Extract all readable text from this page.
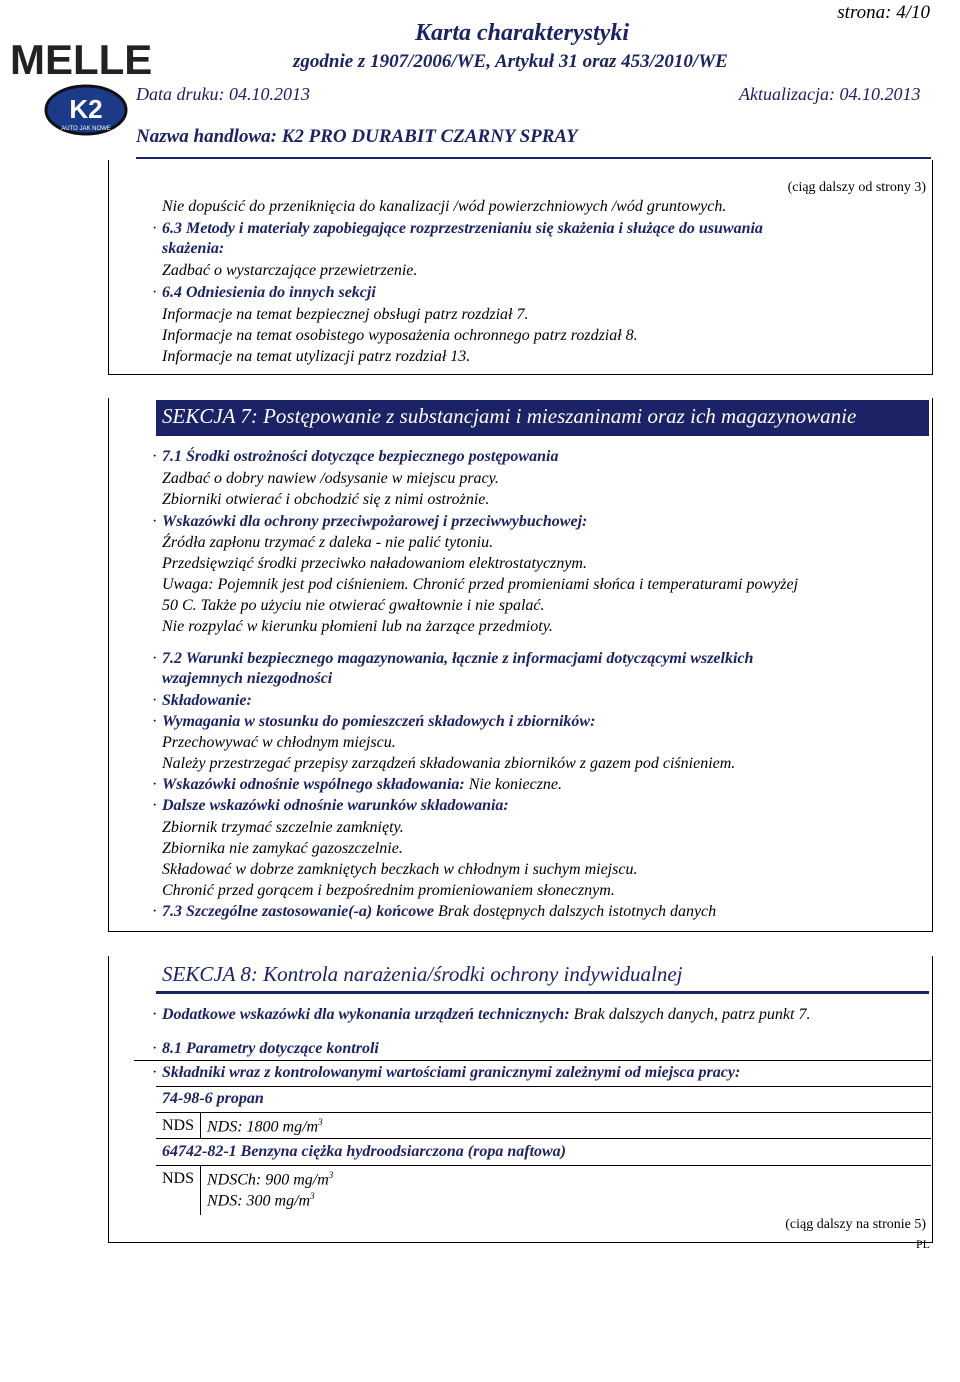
strona: 4/10
Karta charakterystyki
zgodnie z 1907/2006/WE, Artykuł 31 oraz 453/2010/WE
Data druku: 04.10.2013	Aktualizacja: 04.10.2013
Nazwa handlowa: K2 PRO DURABIT CZARNY SPRAY
MELLE
K2
AUTO JAK NOWE
(ciąg dalszy od strony 3)
Nie dopuścić do przeniknięcia do kanalizacji /wód powierzchniowych /wód gruntowych.
· 6.3 Metody i materiały zapobiegające rozprzestrzenianiu się skażenia i służące do usuwania
skażenia:
Zadbać o wystarczające przewietrzenie.
· 6.4 Odniesienia do innych sekcji
Informacje na temat bezpiecznej obsługi patrz rozdział 7.
Informacje na temat osobistego wyposażenia ochronnego patrz rozdział 8.
Informacje na temat utylizacji patrz rozdział 13.
SEKCJA 7: Postępowanie z substancjami i mieszaninami oraz ich magazynowanie
· 7.1 Środki ostrożności dotyczące bezpiecznego postępowania
Zadbać o dobry nawiew /odsysanie w miejscu pracy.
Zbiorniki otwierać i obchodzić się z nimi ostrożnie.
· Wskazówki dla ochrony przeciwpożarowej i przeciwwybuchowej:
Źródła zapłonu trzymać z daleka - nie palić tytoniu.
Przedsięwziąć środki przeciwko naładowaniom elektrostatycznym.
Uwaga: Pojemnik jest pod ciśnieniem. Chronić przed promieniami słońca i temperaturami powyżej
50 C. Także po użyciu nie otwierać gwałtownie i nie spalać.
Nie rozpylać w kierunku płomieni lub na żarzące przedmioty.
· 7.2 Warunki bezpiecznego magazynowania, łącznie z informacjami dotyczącymi wszelkich
wzajemnych niezgodności
· Składowanie:
· Wymagania w stosunku do pomieszczeń składowych i zbiorników:
Przechowywać w chłodnym miejscu.
Należy przestrzegać przepisy zarządzeń składowania zbiorników z gazem pod ciśnieniem.
· Wskazówki odnośnie wspólnego składowania: Nie konieczne.
· Dalsze wskazówki odnośnie warunków składowania:
Zbiornik trzymać szczelnie zamknięty.
Zbiornika nie zamykać gazoszczelnie.
Składować w dobrze zamkniętych beczkach w chłodnym i suchym miejscu.
Chronić przed gorącem i bezpośrednim promieniowaniem słonecznym.
· 7.3 Szczególne zastosowanie(-a) końcowe Brak dostępnych dalszych istotnych danych
SEKCJA 8: Kontrola narażenia/środki ochrony indywidualnej
· Dodatkowe wskazówki dla wykonania urządzeń technicznych: Brak dalszych danych, patrz punkt 7.
· 8.1 Parametry dotyczące kontroli
· Składniki wraz z kontrolowanymi wartościami granicznymi zależnymi od miejsca pracy:
74-98-6 propan
NDS NDS: 1800 $mg/m^3$
64742-82-1 Benzyna ciężka hydroodsiarczona (ropa naftowa)
NDS NDSCh: 900 $mg/m^3$
NDS: 300 $mg/m^3$
(ciąg dalszy na stronie 5)
PL
